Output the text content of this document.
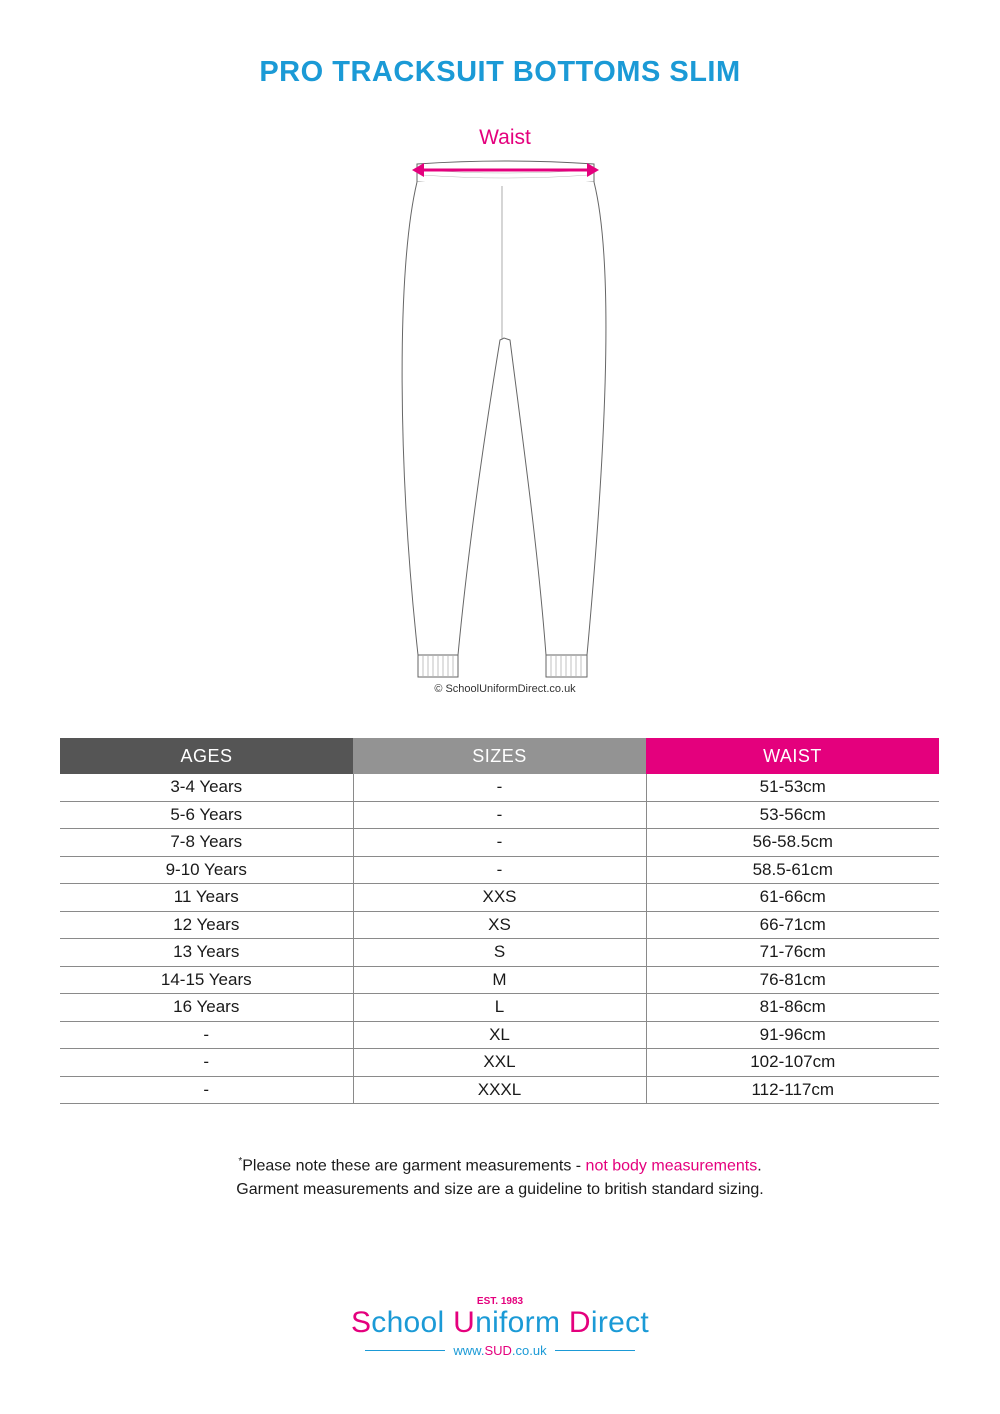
PRO TRACKSUIT BOTTOMS SLIM
Waist
© SchoolUniformDirect.co.uk
AGES	SIZES	WAIST
3-4 Years	-	51-53cm
5-6 Years	-	53-56cm
7-8 Years	-	56-58.5cm
9-10 Years	-	58.5-61cm
11 Years	XXS	61-66cm
12 Years	XS	66-71cm
13 Years	S	71-76cm
14-15 Years	M	76-81cm
16 Years	L	81-86cm
-	XL	91-96cm
-	XXL	102-107cm
-	XXXL	112-117cm
*Please note these are garment measurements - not body measurements.
Garment measurements and size are a guideline to british standard sizing.
EST. 1983
School Uniform Direct
www.SUD.co.uk
